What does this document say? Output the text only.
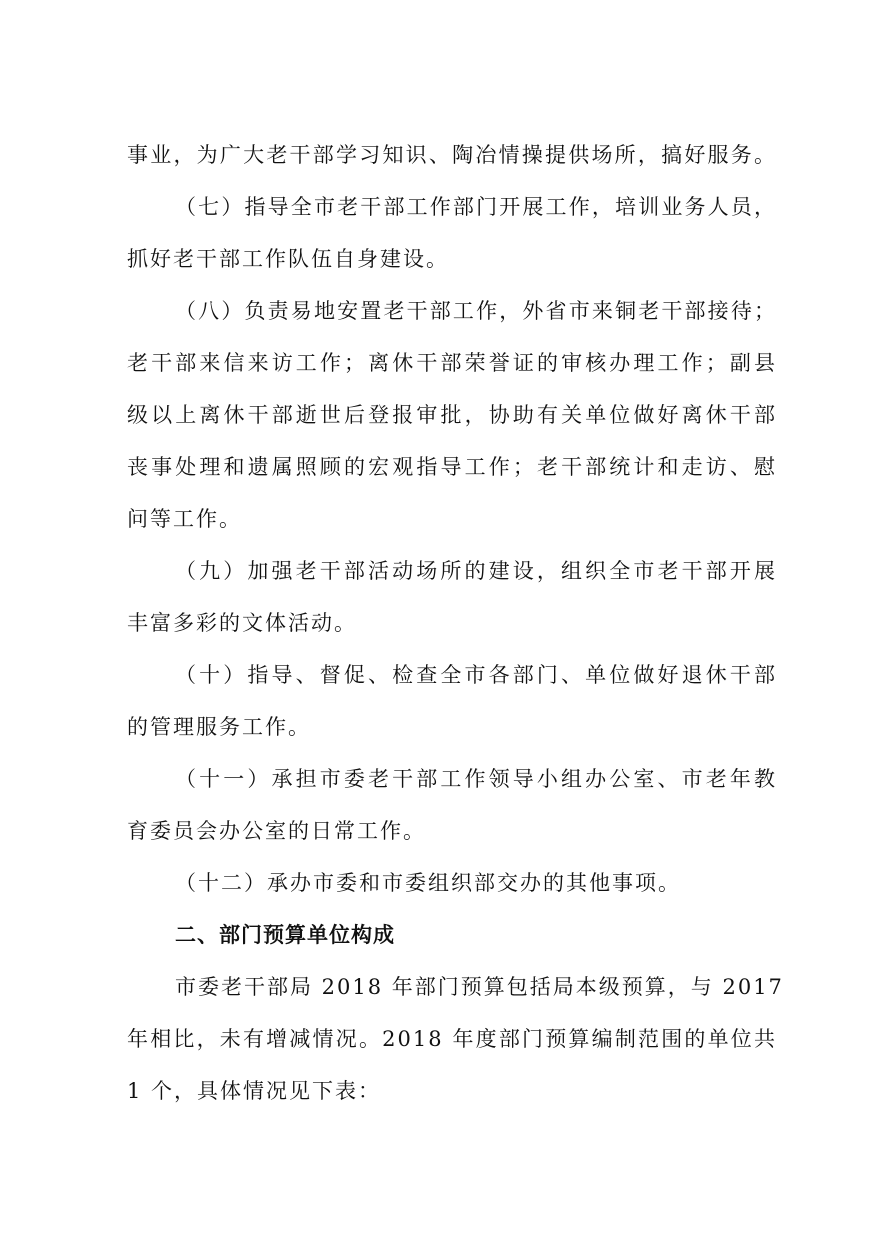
事业，为广大老干部学习知识、陶冶情操提供场所，搞好服务。
（七）指导全市老干部工作部门开展工作，培训业务人员，
抓好老干部工作队伍自身建设。
（八）负责易地安置老干部工作，外省市来铜老干部接待；
老干部来信来访工作；离休干部荣誉证的审核办理工作；副县
级以上离休干部逝世后登报审批，协助有关单位做好离休干部
丧事处理和遗属照顾的宏观指导工作；老干部统计和走访、慰
问等工作。
（九）加强老干部活动场所的建设，组织全市老干部开展
丰富多彩的文体活动。
（十）指导、督促、检查全市各部门、单位做好退休干部
的管理服务工作。
（十一）承担市委老干部工作领导小组办公室、市老年教
育委员会办公室的日常工作。
（十二）承办市委和市委组织部交办的其他事项。
二、部门预算单位构成
市委老干部局 2018 年部门预算包括局本级预算，与 2017
年相比，未有增减情况。2018 年度部门预算编制范围的单位共
1 个，具体情况见下表：
